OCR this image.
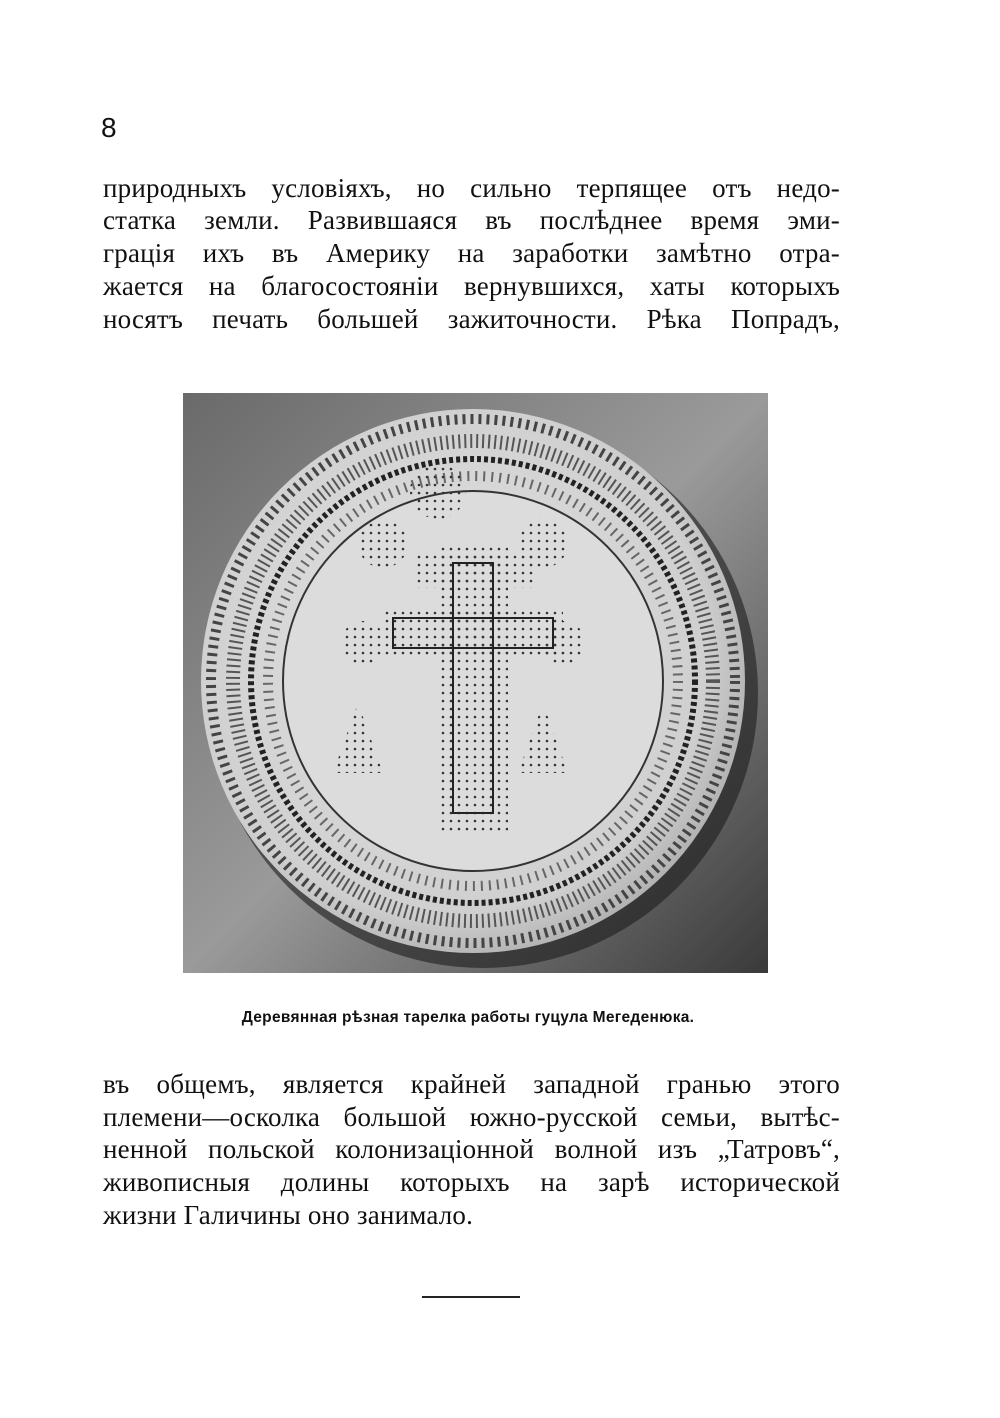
8
природныхъ условіяхъ, но сильно терпящее отъ недо-
статка земли. Развившаяся въ послѣднее время эми-
грація ихъ въ Америку на заработки замѣтно отра-
жается на благосостояніи вернувшихся, хаты которыхъ
носятъ печать большей зажиточности. Рѣка Попрадъ,
Деревянная рѣзная тарелка работы гуцула Мегеденюка.
въ общемъ, является крайней западной гранью этого
племени—осколка большой южно-русской семьи, вытѣс-
ненной польской колонизаціонной волной изъ „Татровъ“,
живописныя долины которыхъ на зарѣ исторической
жизни Галичины оно занимало.
